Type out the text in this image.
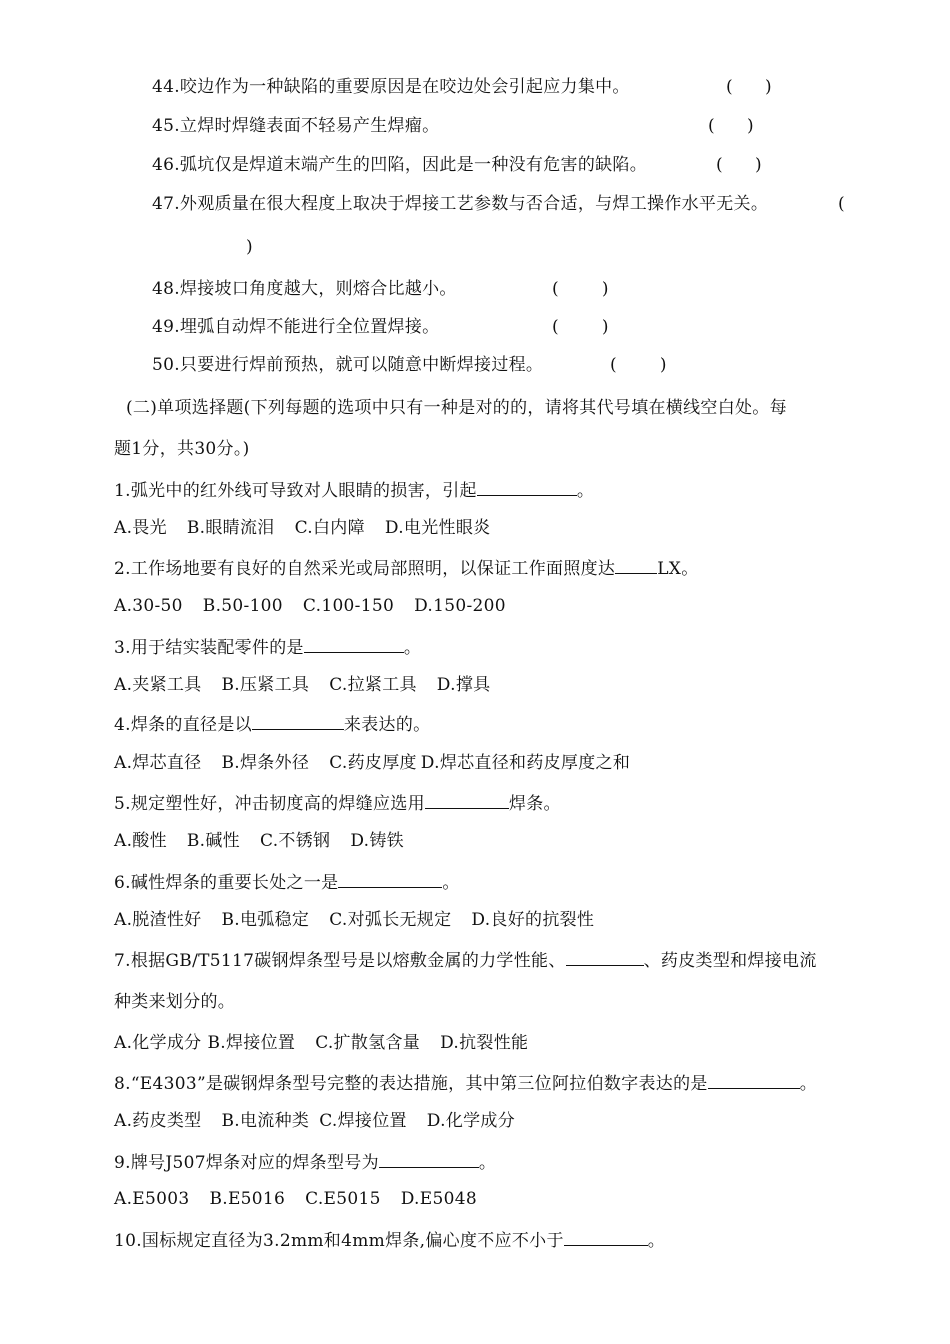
44.咬边作为一种缺陷的重要原因是在咬边处会引起应力集中。	(      )
45.立焊时焊缝表面不轻易产生焊瘤。	(      )
46.弧坑仅是焊道末端产生的凹陷，因此是一种没有危害的缺陷。	(      )
47.外观质量在很大程度上取决于焊接工艺参数与否合适，与焊工操作水平无关。	(
)
48.焊接坡口角度越大，则熔合比越小。	(        )
49.埋弧自动焊不能进行全位置焊接。	(        )
50.只要进行焊前预热，就可以随意中断焊接过程。	(        )
(二)单项选择题(下列每题的选项中只有一种是对的的，请将其代号填在横线空白处。每
题1分，共30分。)
1.弧光中的红外线可导致对人眼睛的损害，引起	。
A.畏光 B.眼睛流泪 C.白内障 D.电光性眼炎
2.工作场地要有良好的自然采光或局部照明，以保证工作面照度达 LX。
A.30-50 B.50-100 C.100-150 D.150-200
3.用于结实装配零件的是	。
A.夹紧工具 B.压紧工具 C.拉紧工具 D.撑具
4.焊条的直径是以	来表达的。
A.焊芯直径 B.焊条外径 C.药皮厚度 D.焊芯直径和药皮厚度之和
5.规定塑性好，冲击韧度高的焊缝应选用	焊条。
A.酸性 B.碱性 C.不锈钢 D.铸铁
6.碱性焊条的重要长处之一是	。
A.脱渣性好 B.电弧稳定 C.对弧长无规定 D.良好的抗裂性
7.根据GB/T5117碳钢焊条型号是以熔敷金属的力学性能、	、药皮类型和焊接电流
种类来划分的。
A.化学成分 B.焊接位置 C.扩散氢含量 D.抗裂性能
8.“E4303”是碳钢焊条型号完整的表达措施，其中第三位阿拉伯数字表达的是	。
A.药皮类型 B.电流种类 C.焊接位置 D.化学成分
9.牌号J507焊条对应的焊条型号为	。
A.E5003 B.E5016 C.E5015 D.E5048
10.国标规定直径为3.2mm和4mm焊条,偏心度不应不小于	。
